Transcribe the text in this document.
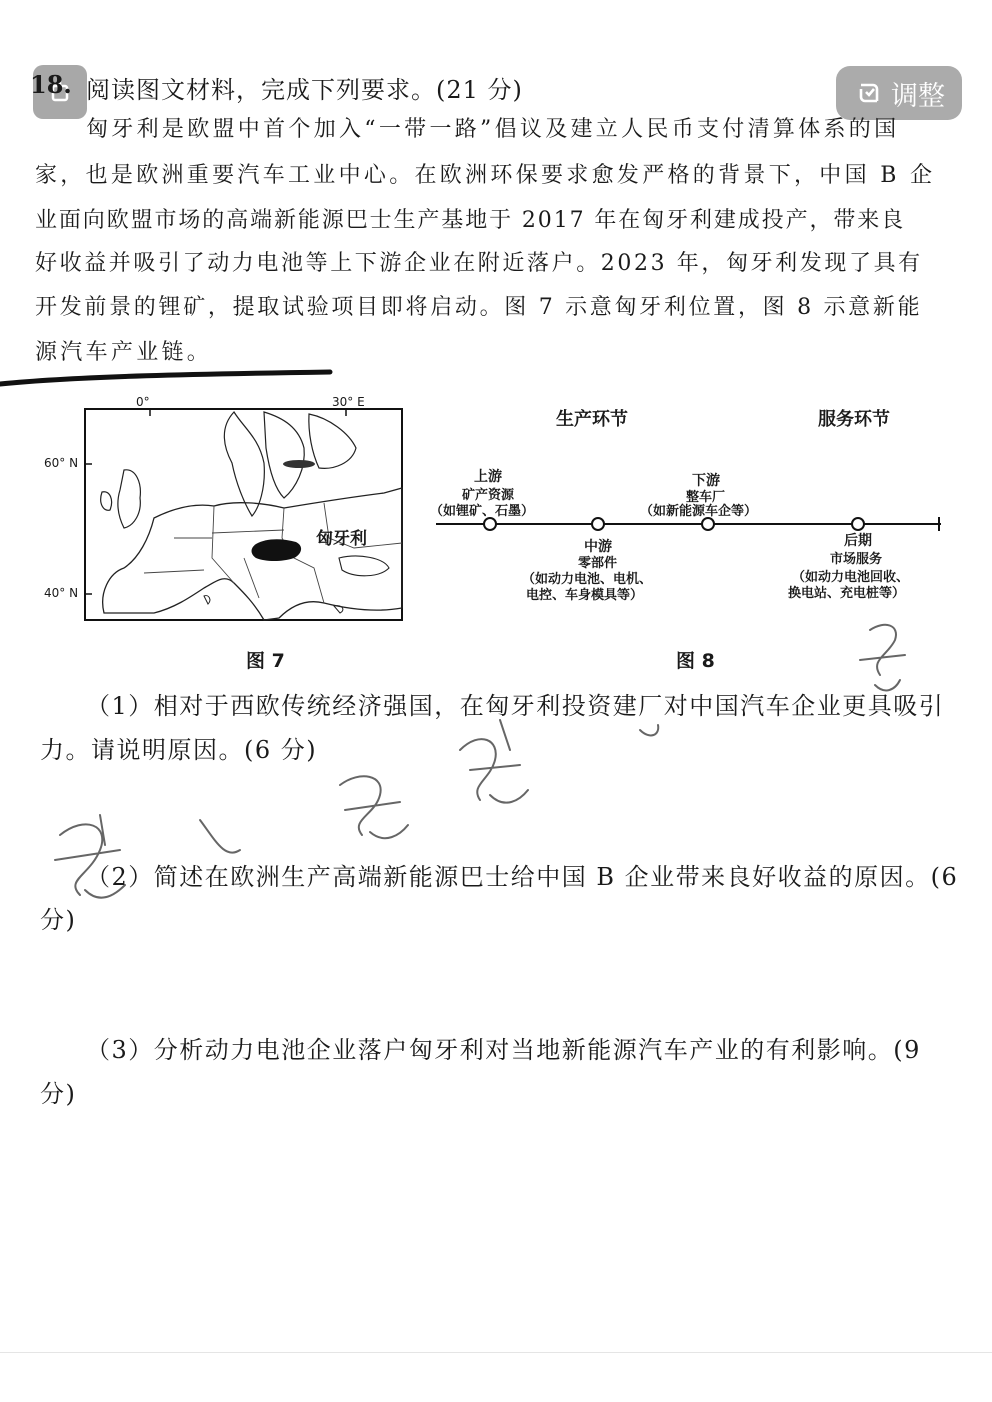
调整
18. 阅读图文材料，完成下列要求。(21 分)
匈牙利是欧盟中首个加入“一带一路”倡议及建立人民币支付清算体系的国
家，也是欧洲重要汽车工业中心。在欧洲环保要求愈发严格的背景下，中国 B 企
业面向欧盟市场的高端新能源巴士生产基地于 2017 年在匈牙利建成投产，带来良
好收益并吸引了动力电池等上下游企业在附近落户。2023 年，匈牙利发现了具有
开发前景的锂矿，提取试验项目即将启动。图 7 示意匈牙利位置，图 8 示意新能
源汽车产业链。
0°	30° E
60° N
40° N
匈牙利
图 7
生产环节	服务环节
上游
矿产资源
（如锂矿、石墨）
中游
零部件
（如动力电池、电机、
电控、车身模具等）
下游
整车厂
（如新能源车企等）
后期
市场服务
（如动力电池回收、
换电站、充电桩等）
图 8
（1）相对于西欧传统经济强国，在匈牙利投资建厂对中国汽车企业更具吸引
力。请说明原因。(6 分)
（2）简述在欧洲生产高端新能源巴士给中国 B 企业带来良好收益的原因。(6
分)
（3）分析动力电池企业落户匈牙利对当地新能源汽车产业的有利影响。(9
分)
